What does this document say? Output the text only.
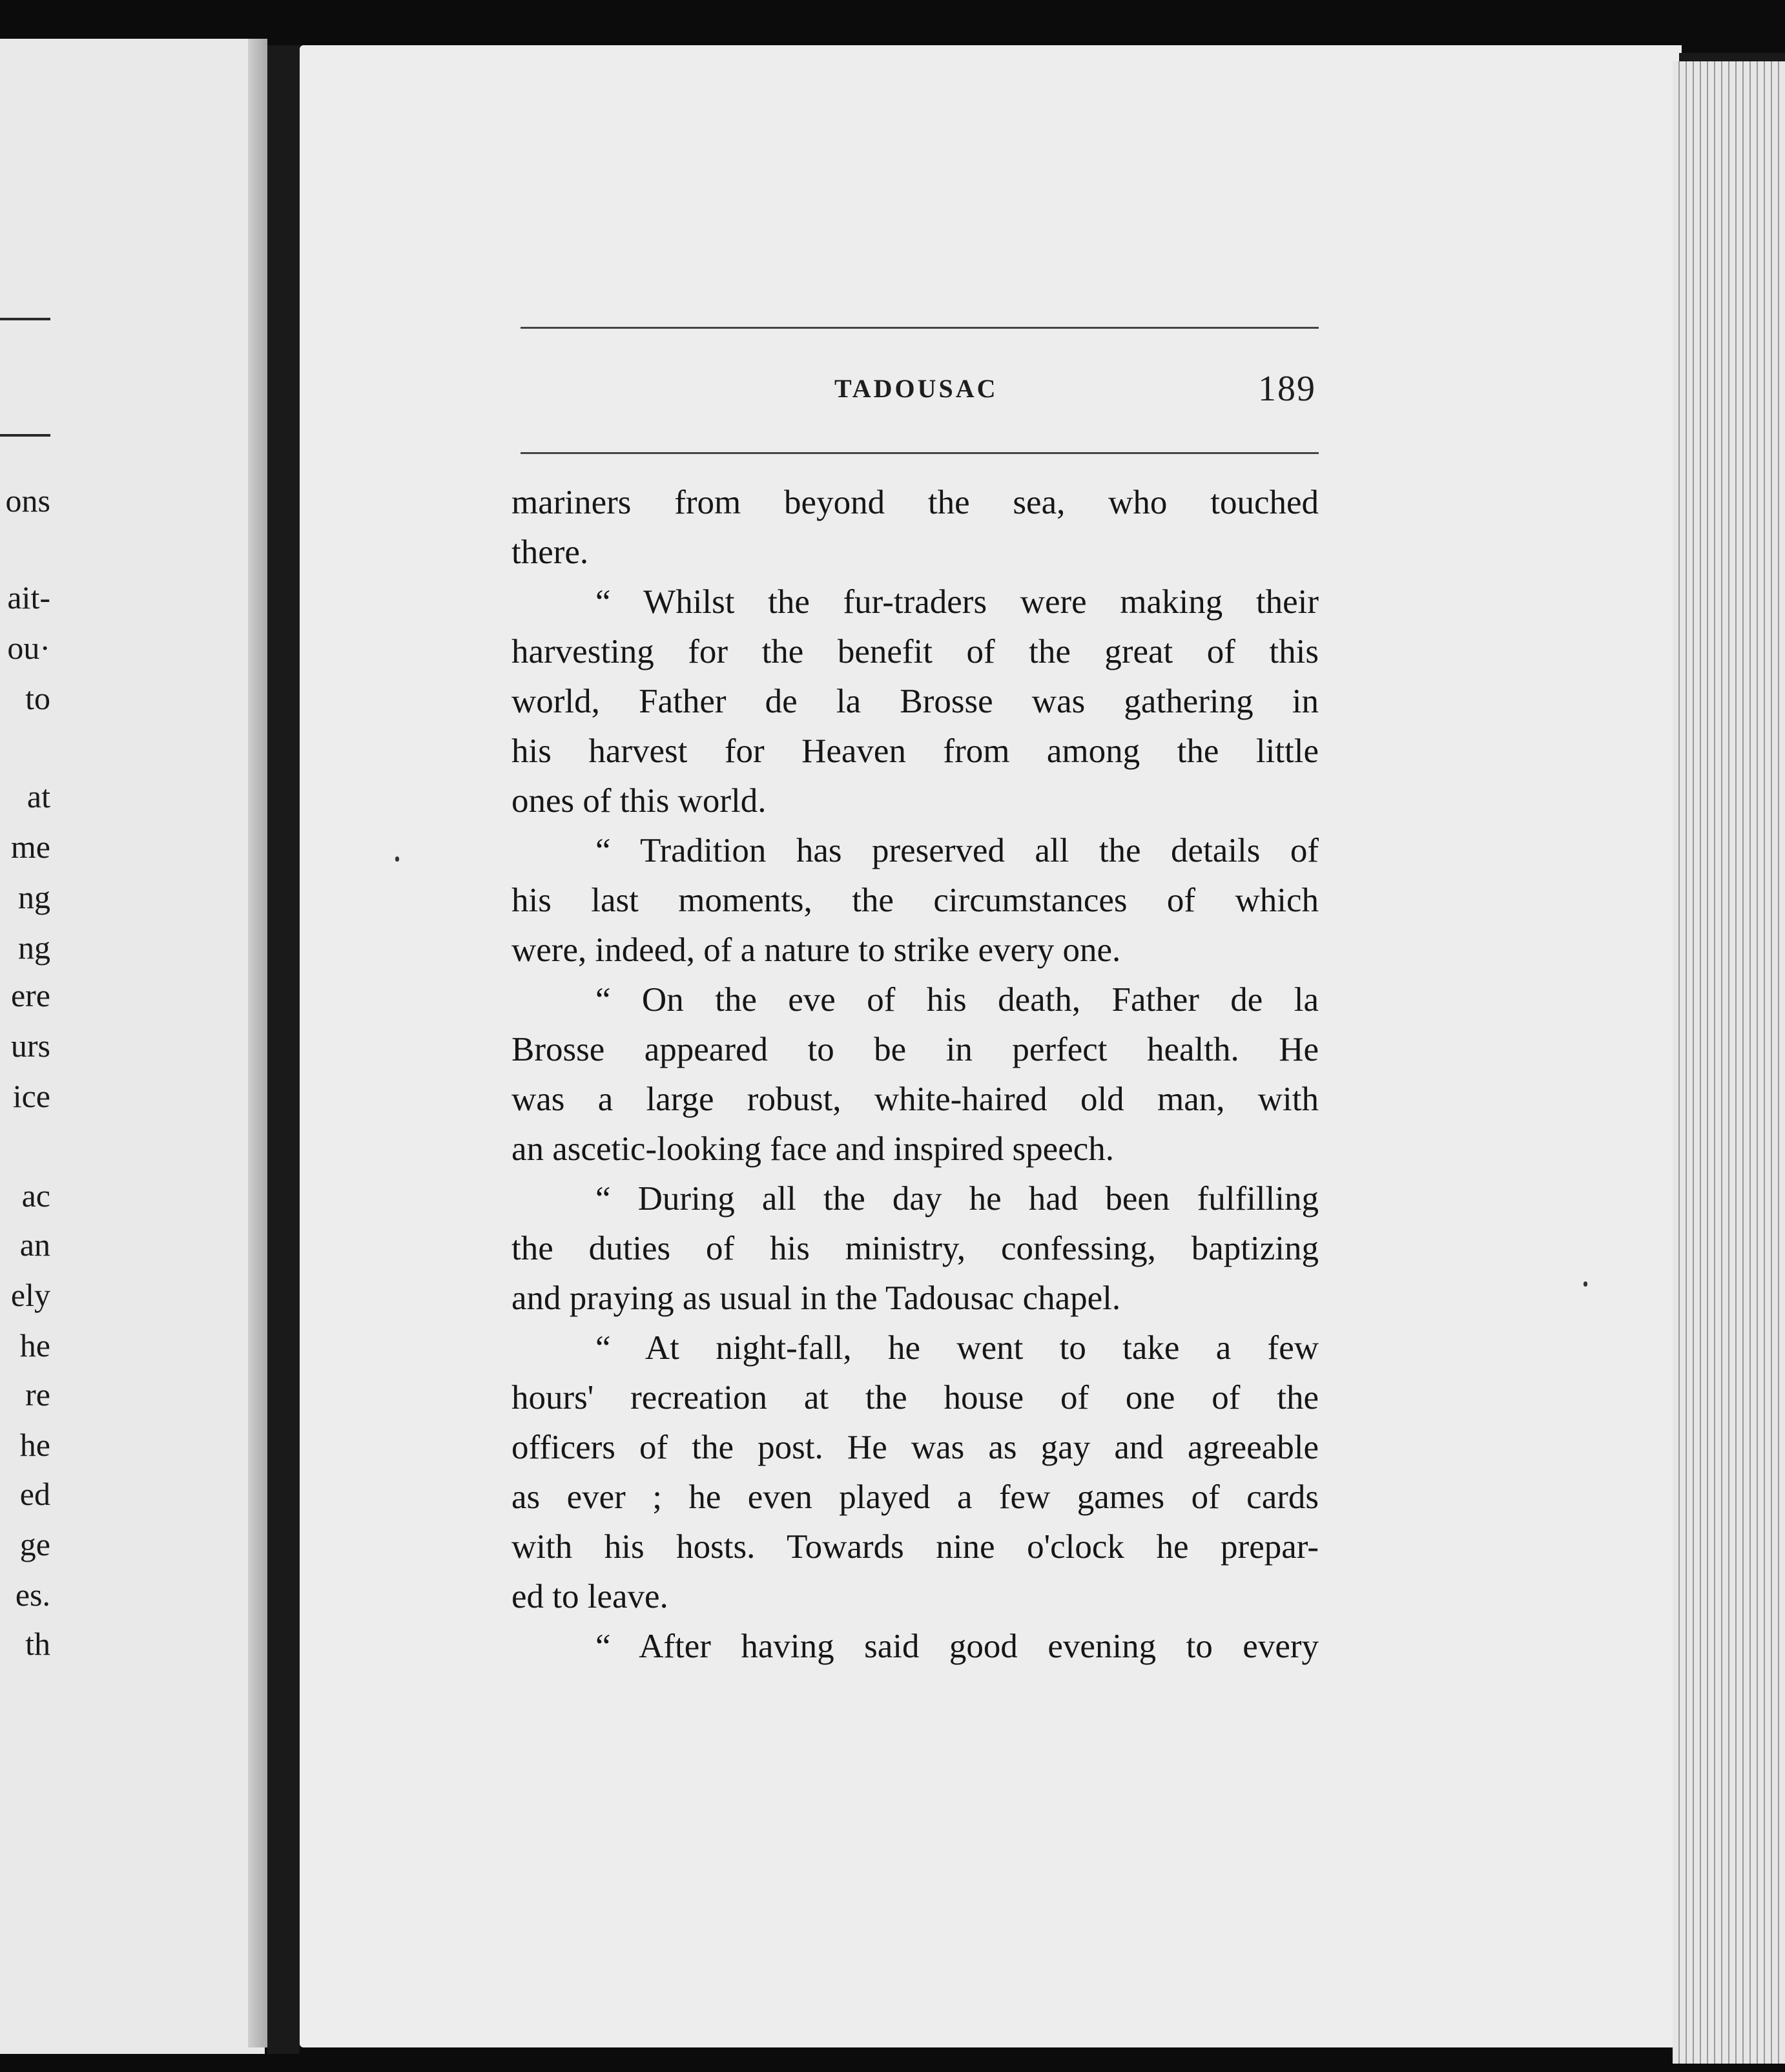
ons
ait-
ou·
to
at
me
ng
ng
ere
urs
ice
ac
an
ely
he
re
he
ed
ge
es.
th
TADOUSAC	189
mariners from beyond the sea, who touched
there.
“ Whilst the fur-traders were making their
harvesting for the benefit of the great of this
world, Father de la Brosse was gathering in
his harvest for Heaven from among the little
ones of this world.
“ Tradition has preserved all the details of
his last moments, the circumstances of which
were, indeed, of a nature to strike every one.
“ On the eve of his death, Father de la
Brosse appeared to be in perfect health. He
was a large robust, white-haired old man, with
an ascetic-looking face and inspired speech.
“ During all the day he had been fulfilling
the duties of his ministry, confessing, baptizing
and praying as usual in the Tadousac chapel.
“ At night-fall, he went to take a few
hours' recreation at the house of one of the
officers of the post. He was as gay and agreeable
as ever ; he even played a few games of cards
with his hosts. Towards nine o'clock he prepar-
ed to leave.
“ After having said good evening to every
